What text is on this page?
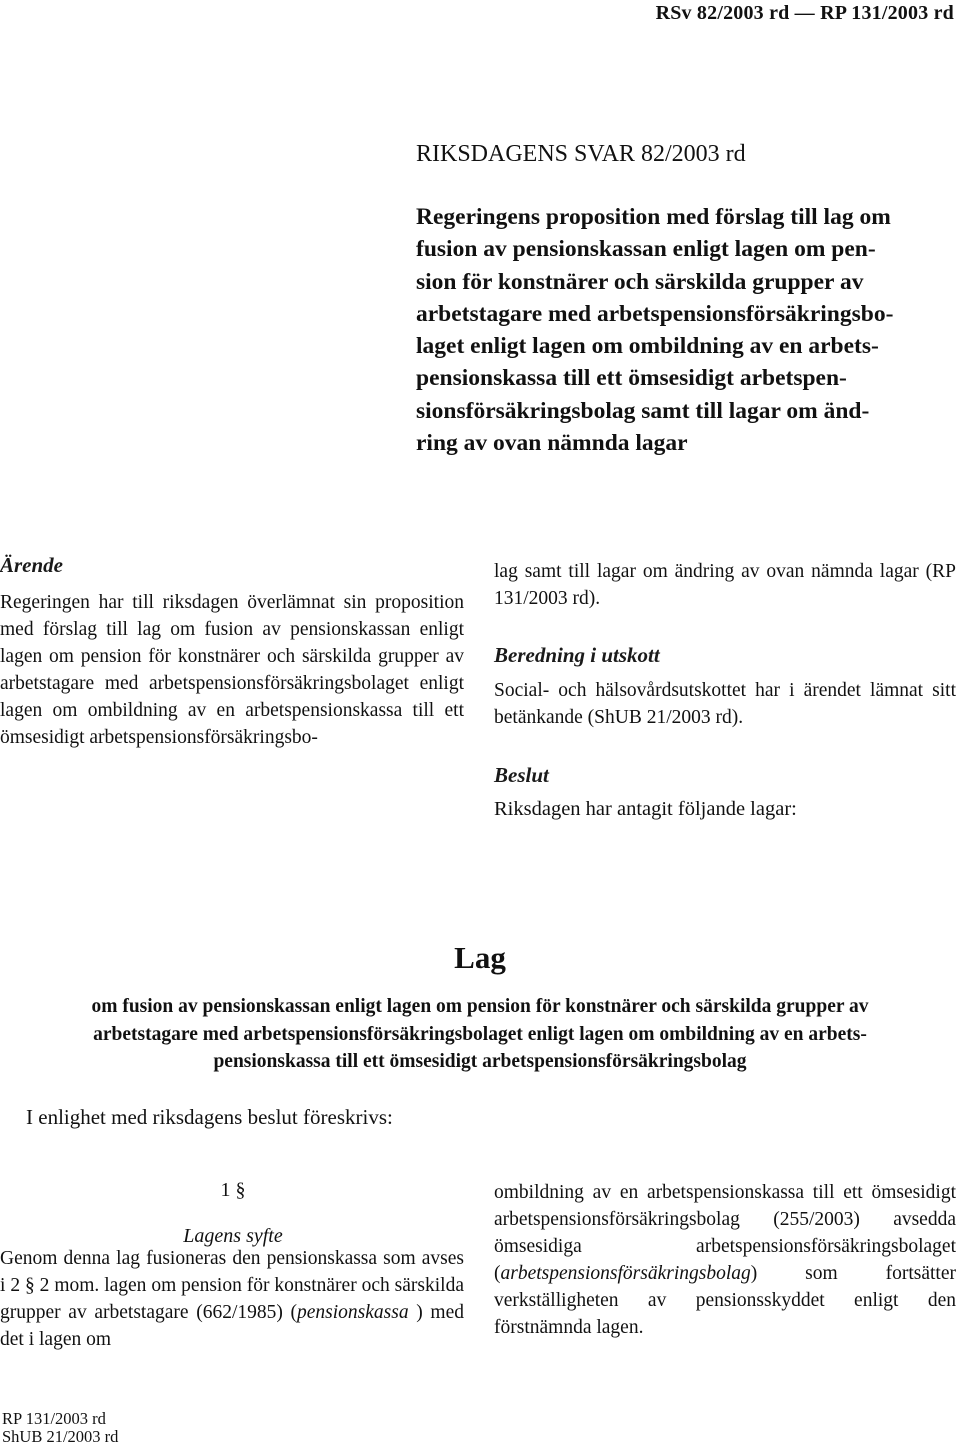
RSv 82/2003 rd — RP 131/2003 rd
RIKSDAGENS SVAR 82/2003 rd
Regeringens proposition med förslag till lag om
fusion av pensionskassan enligt lagen om pen-
sion för konstnärer och särskilda grupper av
arbetstagare med arbetspensionsförsäkringsbo-
laget enligt lagen om ombildning av en arbets-
pensionskassa till ett ömsesidigt arbetspen-
sionsförsäkringsbolag samt till lagar om änd-
ring av ovan nämnda lagar
Ärende
Regeringen har till riksdagen överlämnat sin proposition med förslag till lag om fusion av pensionskassan enligt lagen om pension för konstnärer och särskilda grupper av arbetstagare med arbetspensionsförsäkringsbolaget enligt lagen om ombildning av en arbetspensionskassa till ett ömsesidigt arbetspensionsförsäkringsbo-
lag samt till lagar om ändring av ovan nämnda lagar (RP 131/2003 rd).
Beredning i utskott
Social- och hälsovårdsutskottet har i ärendet lämnat sitt betänkande (ShUB 21/2003 rd).
Beslut
Riksdagen har antagit följande lagar:
Lag
om fusion av pensionskassan enligt lagen om pension för konstnärer och särskilda grupper av
arbetstagare med arbetspensionsförsäkringsbolaget enligt lagen om ombildning av en arbets-
pensionskassa till ett ömsesidigt arbetspensionsförsäkringsbolag
I enlighet med riksdagens beslut föreskrivs:
1 §
Lagens syfte
Genom denna lag fusioneras den pensionskassa som avses i 2 § 2 mom. lagen om pension för konstnärer och särskilda grupper av arbetstagare (662/1985) (pensionskassa ) med det i lagen om
ombildning av en arbetspensionskassa till ett ömsesidigt arbetspensionsförsäkringsbolag (255/2003) avsedda ömsesidiga arbetspensionsförsäkringsbolaget (arbetspensionsförsäkringsbolag) som fortsätter verkställigheten av pensionsskyddet enligt den förstnämnda lagen.
RP 131/2003 rd
ShUB 21/2003 rd
